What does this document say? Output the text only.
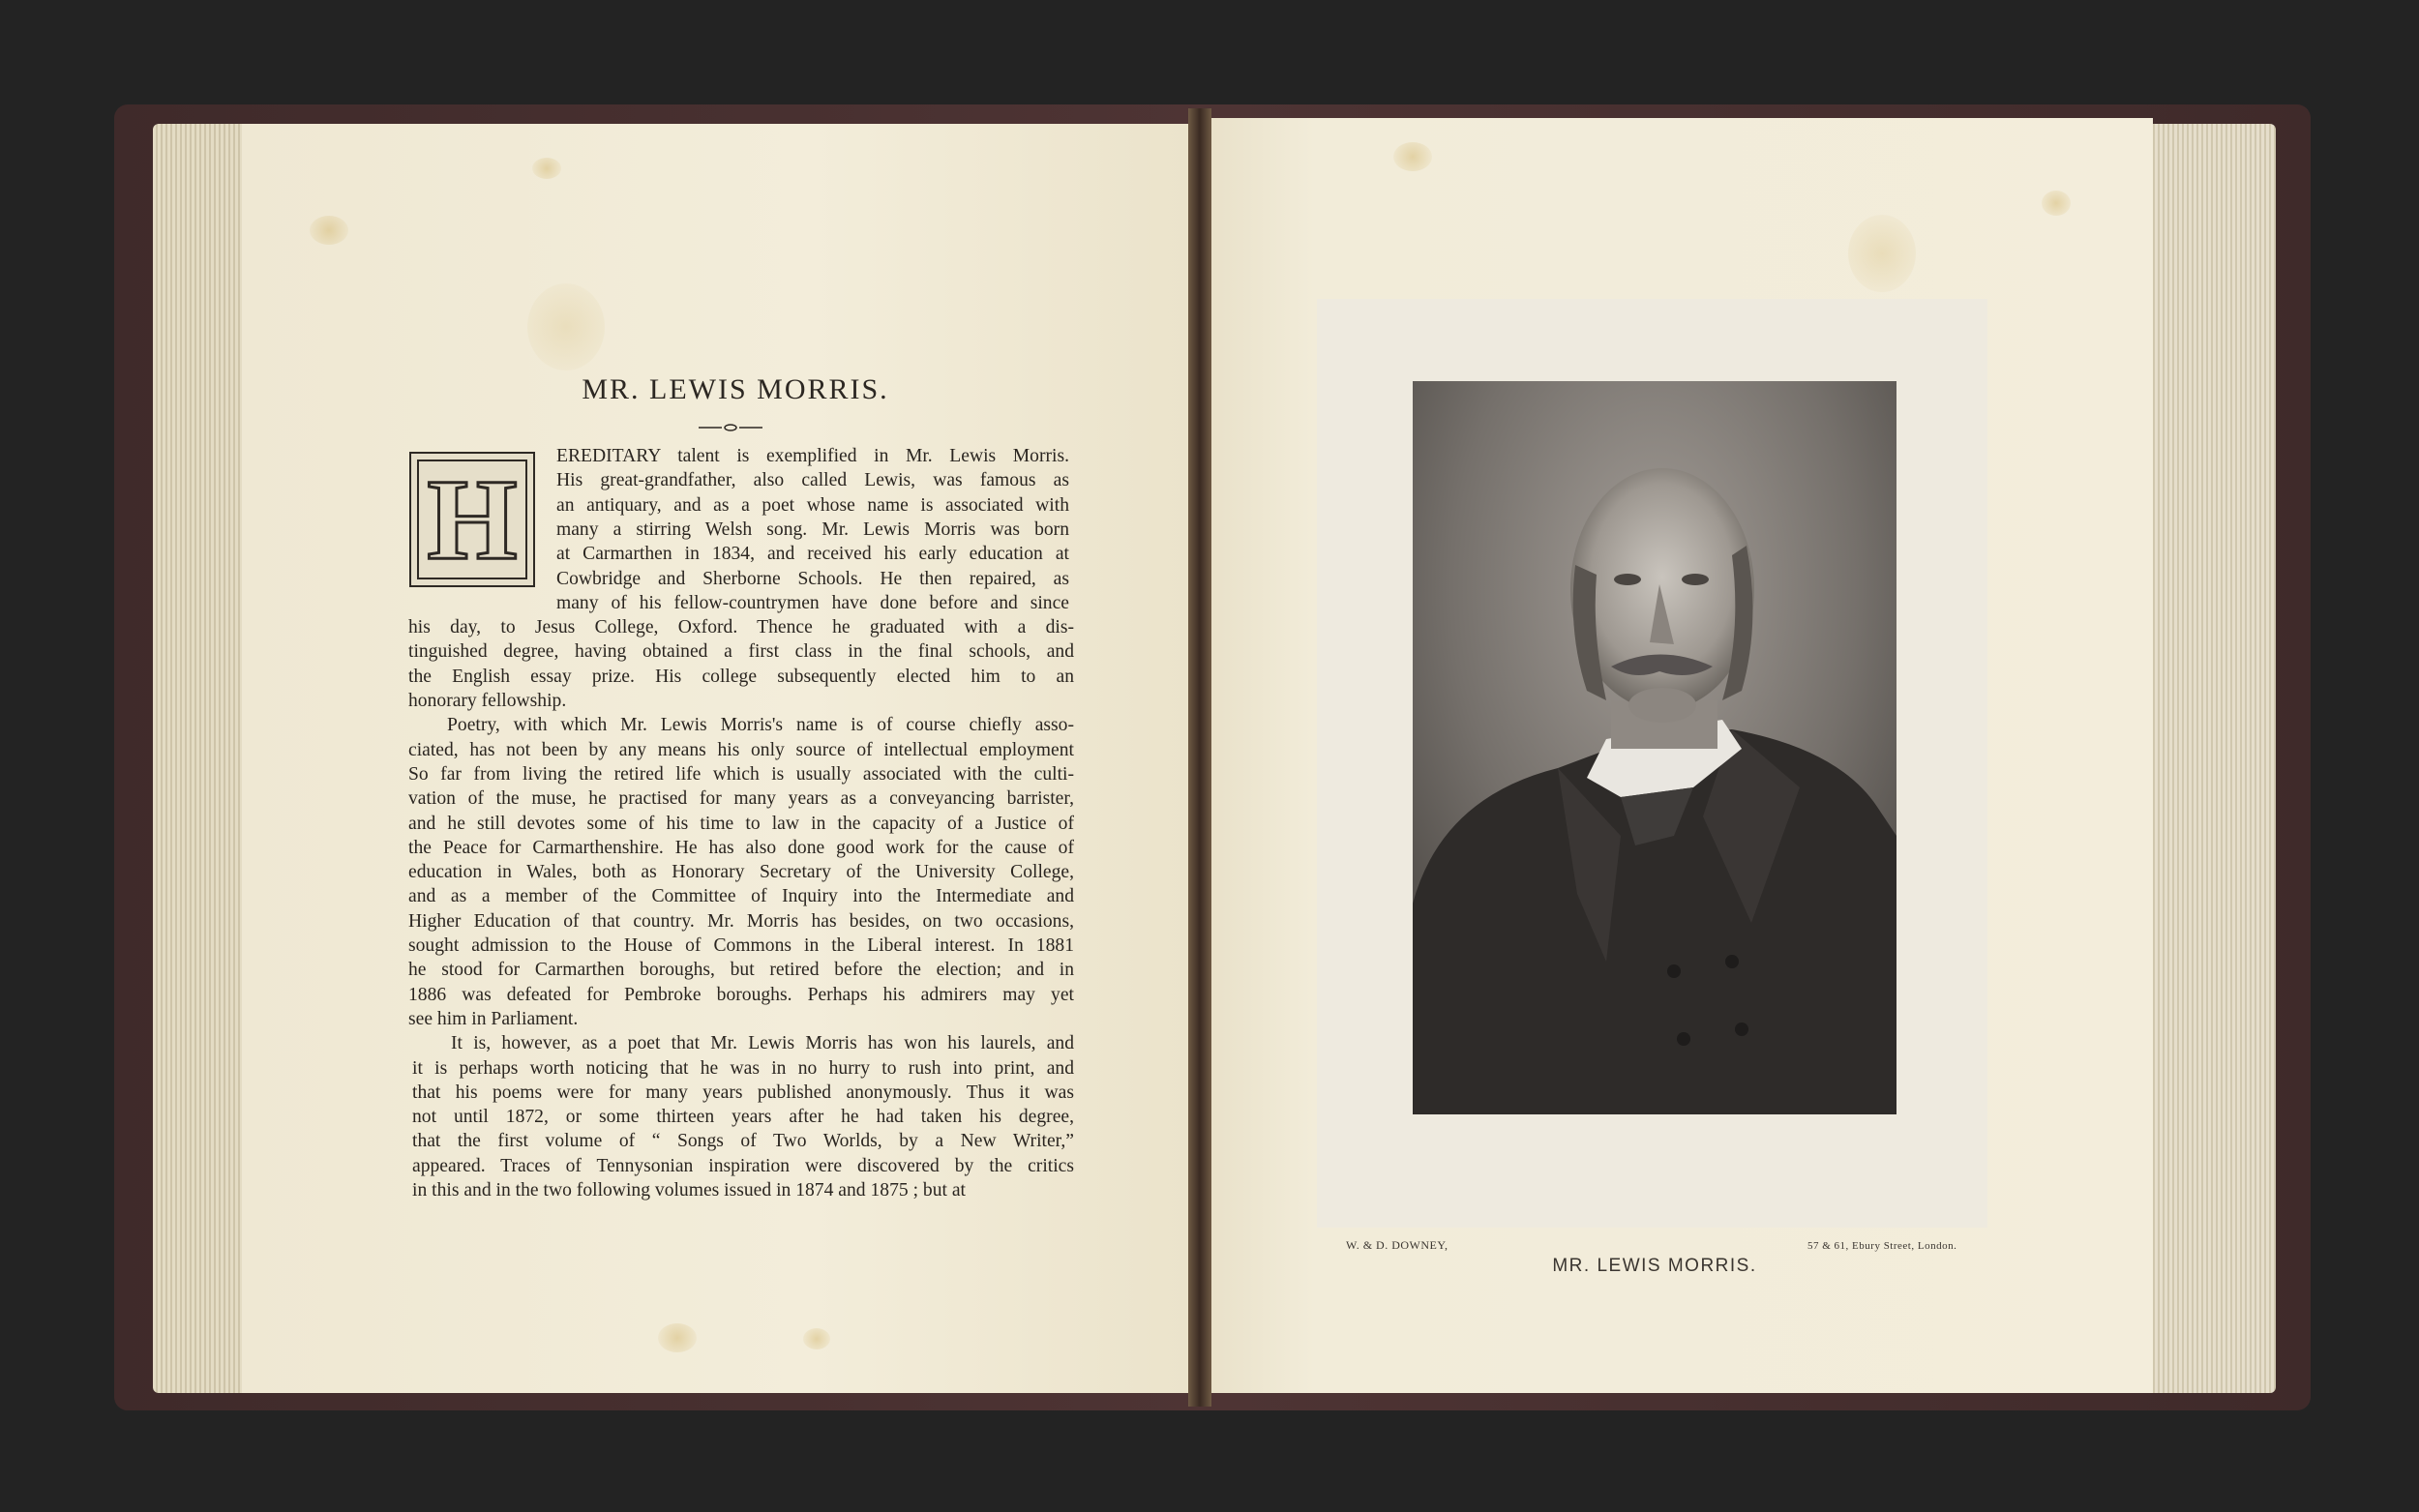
MR. LEWIS MORRIS.
H	EREDITARY talent is exemplified in Mr. Lewis Morris.
His great-grandfather, also called Lewis, was famous as
an antiquary, and as a poet whose name is associated with
many a stirring Welsh song. Mr. Lewis Morris was born
at Carmarthen in 1834, and received his early education at
Cowbridge and Sherborne Schools. He then repaired, as
many of his fellow-countrymen have done before and since
his day, to Jesus College, Oxford. Thence he graduated with a dis-
tinguished degree, having obtained a first class in the final schools, and
the English essay prize. His college subsequently elected him to an
honorary fellowship.
Poetry, with which Mr. Lewis Morris's name is of course chiefly asso-
ciated, has not been by any means his only source of intellectual employment
So far from living the retired life which is usually associated with the culti-
vation of the muse, he practised for many years as a conveyancing barrister,
and he still devotes some of his time to law in the capacity of a Justice of
the Peace for Carmarthenshire. He has also done good work for the cause of
education in Wales, both as Honorary Secretary of the University College,
and as a member of the Committee of Inquiry into the Intermediate and
Higher Education of that country. Mr. Morris has besides, on two occasions,
sought admission to the House of Commons in the Liberal interest. In 1881
he stood for Carmarthen boroughs, but retired before the election; and in
1886 was defeated for Pembroke boroughs. Perhaps his admirers may yet
see him in Parliament.
It is, however, as a poet that Mr. Lewis Morris has won his laurels, and
it is perhaps worth noticing that he was in no hurry to rush into print, and
that his poems were for many years published anonymously. Thus it was
not until 1872, or some thirteen years after he had taken his degree,
that the first volume of “ Songs of Two Worlds, by a New Writer,”
appeared. Traces of Tennysonian inspiration were discovered by the critics
in this and in the two following volumes issued in 1874 and 1875 ; but at
W. & D. DOWNEY,	57 & 61, Ebury Street, London.
MR. LEWIS MORRIS.
